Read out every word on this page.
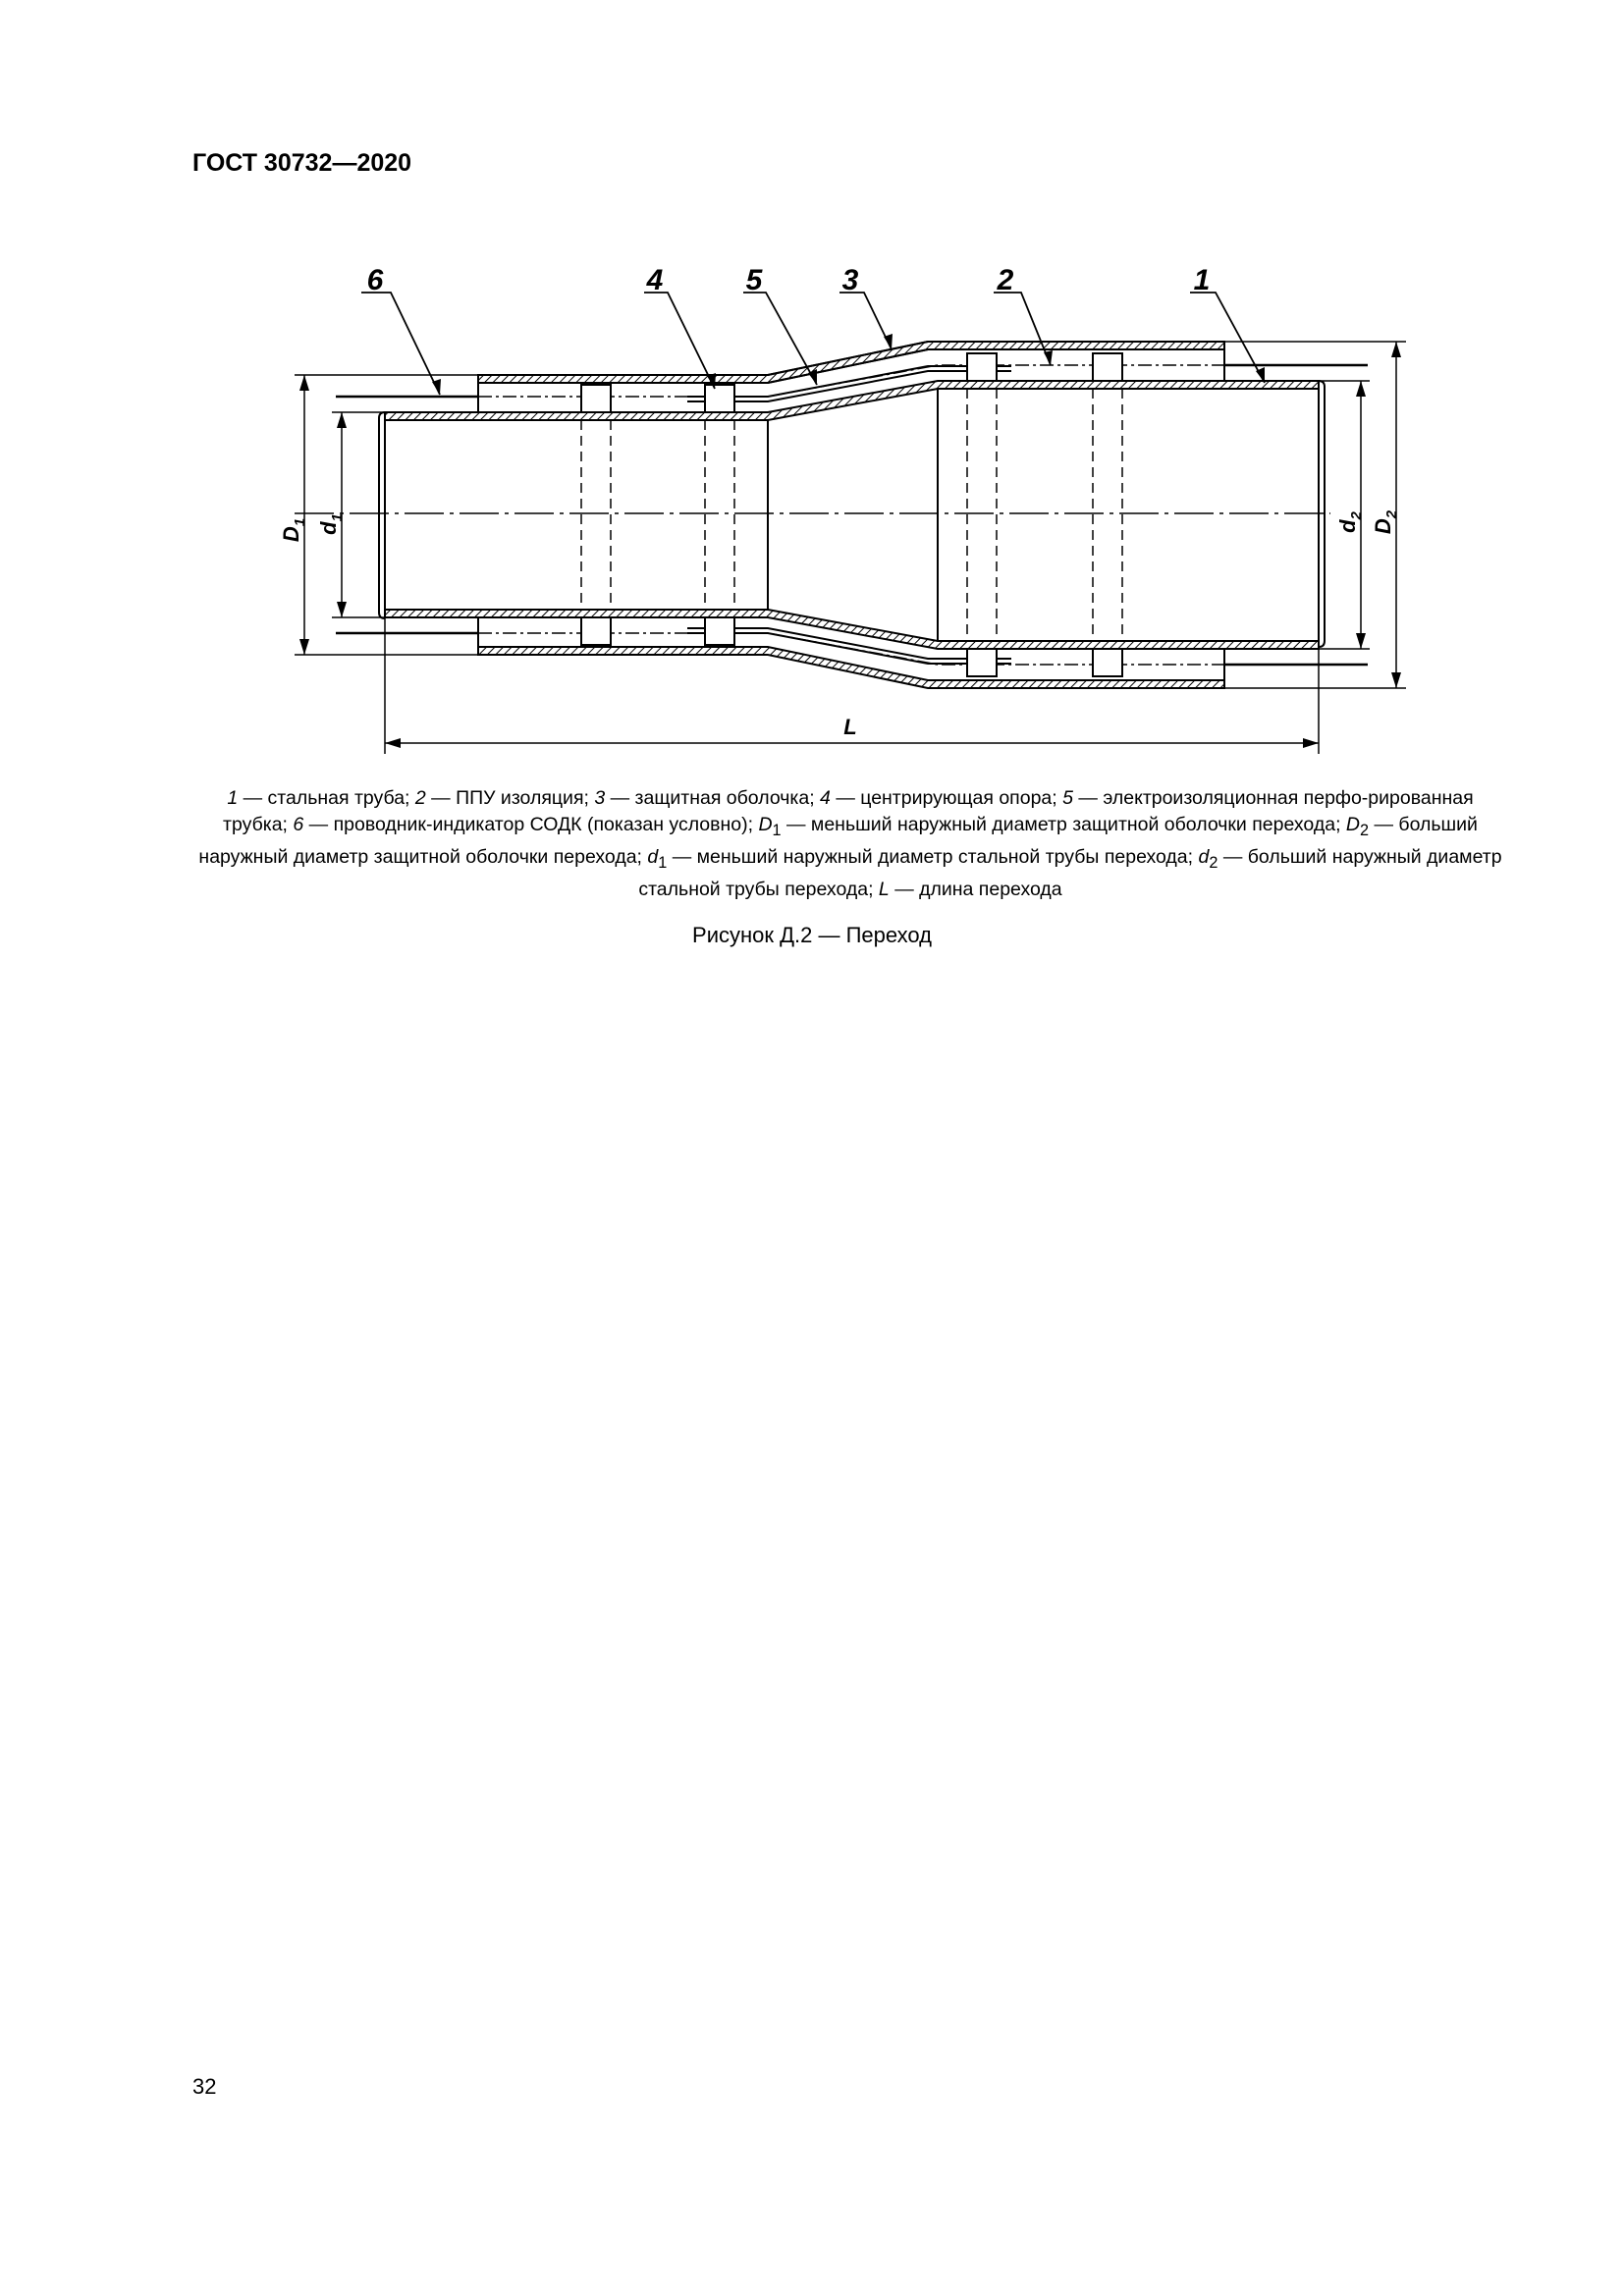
ГОСТ 30732—2020
$D_1$ $d_1$
$d_2$
$D_2$
L
6	4	5	3	2	1
1 — стальная труба; 2 — ППУ изоляция; 3 — защитная оболочка; 4 — центрирующая опора; 5 — электроизоляционная перфо-рированная трубка; 6 — проводник-индикатор СОДК (показан условно); $D_1$ — меньший наружный диаметр защитной оболочки перехода; $D_2$ — больший наружный диаметр защитной оболочки перехода; $d_1$ — меньший наружный диаметр стальной трубы перехода; $d_2$ — больший наружный диаметр стальной трубы перехода; L — длина перехода
Рисунок Д.2 — Переход
32
